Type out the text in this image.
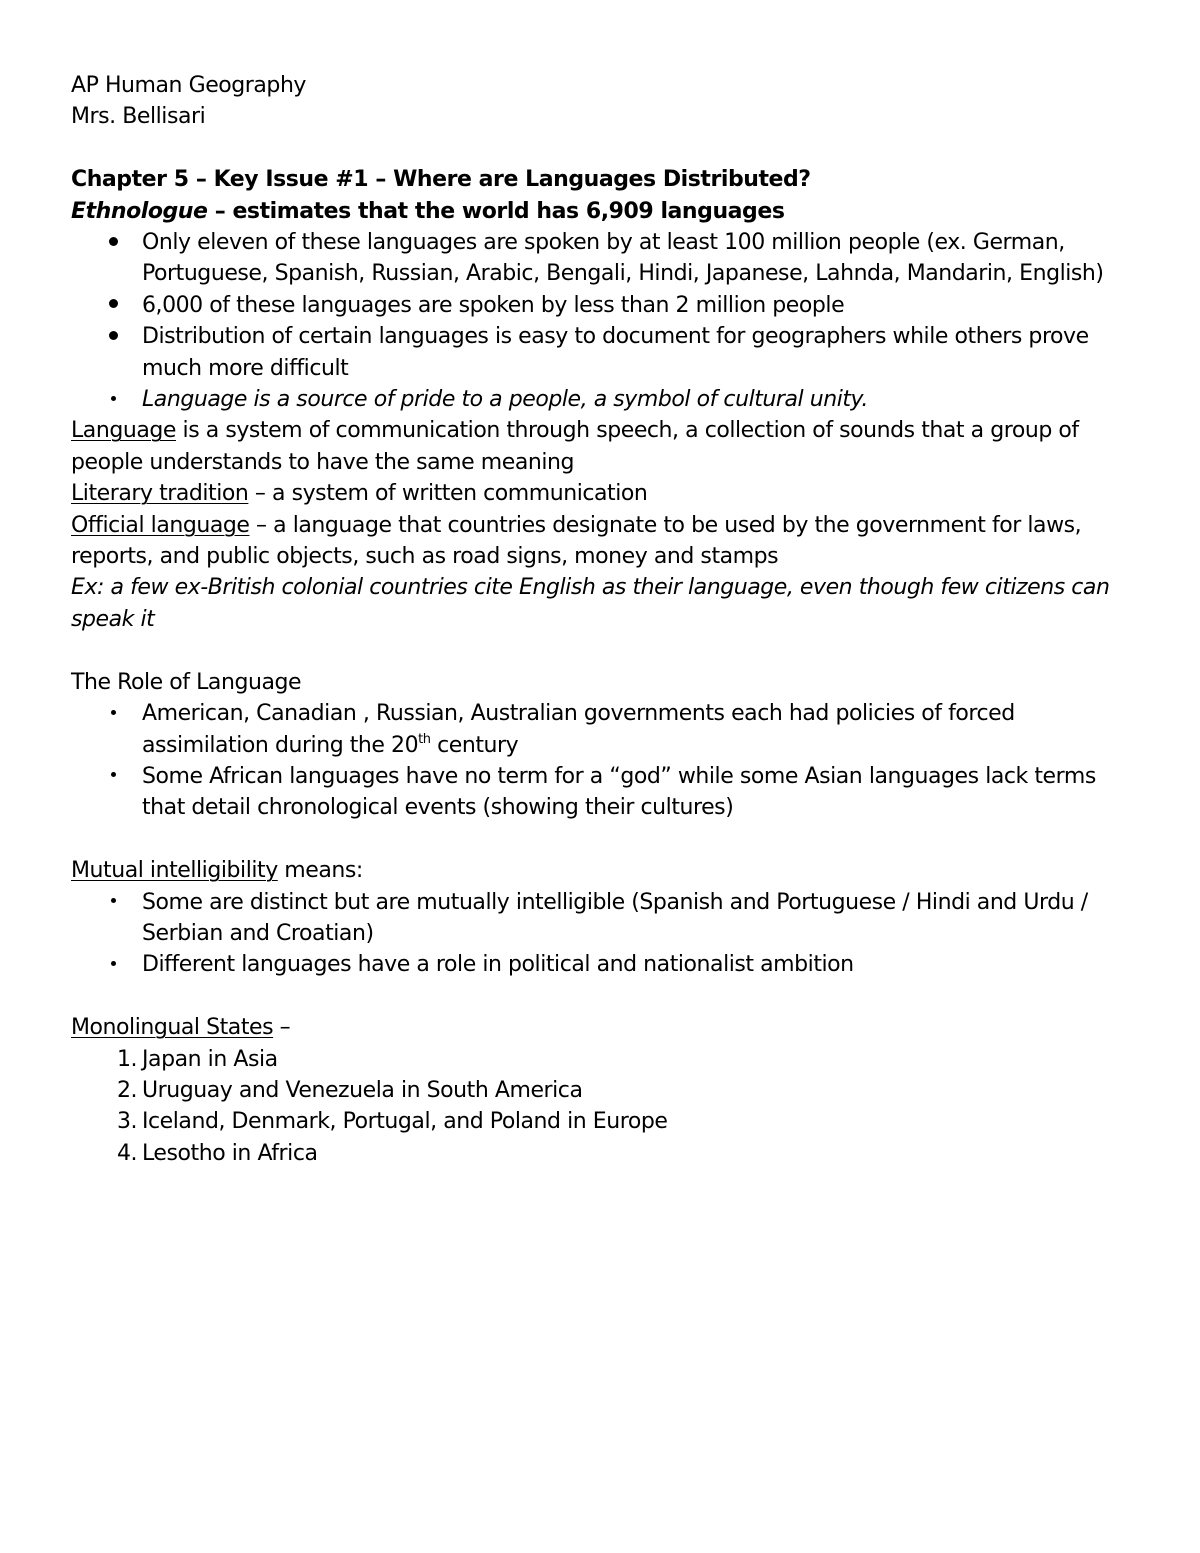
AP Human Geography

Mrs. Bellisari

Chapter 5 – Key Issue #1 – Where are Languages Distributed?

Ethnologue – estimates that the world has 6,909 languages

Only eleven of these languages are spoken by at least 100 million people (ex. German, Portuguese, Spanish, Russian, Arabic, Bengali, Hindi, Japanese, Lahnda, Mandarin, English)
6,000 of these languages are spoken by less than 2 million people
Distribution of certain languages is easy to document for geographers while others prove much more difficult
Language is a source of pride to a people, a symbol of cultural unity.

Language is a system of communication through speech, a collection of sounds that a group of people understands to have the same meaning

Literary tradition – a system of written communication

Official language – a language that countries designate to be used by the government for laws, reports, and public objects, such as road signs, money and stamps

Ex: a few ex-British colonial countries cite English as their language, even though few citizens can speak it

The Role of Language

American, Canadian , Russian, Australian governments each had policies of forced assimilation during the 20th century
Some African languages have no term for a “god” while some Asian languages lack terms that detail chronological events (showing their cultures)

Mutual intelligibility means:

Some are distinct but are mutually intelligible (Spanish and Portuguese / Hindi and Urdu / Serbian and Croatian)
Different languages have a role in political and nationalist ambition

Monolingual States –

1. Japan in Asia
2. Uruguay and Venezuela in South America
3. Iceland, Denmark, Portugal, and Poland in Europe
4. Lesotho in Africa
